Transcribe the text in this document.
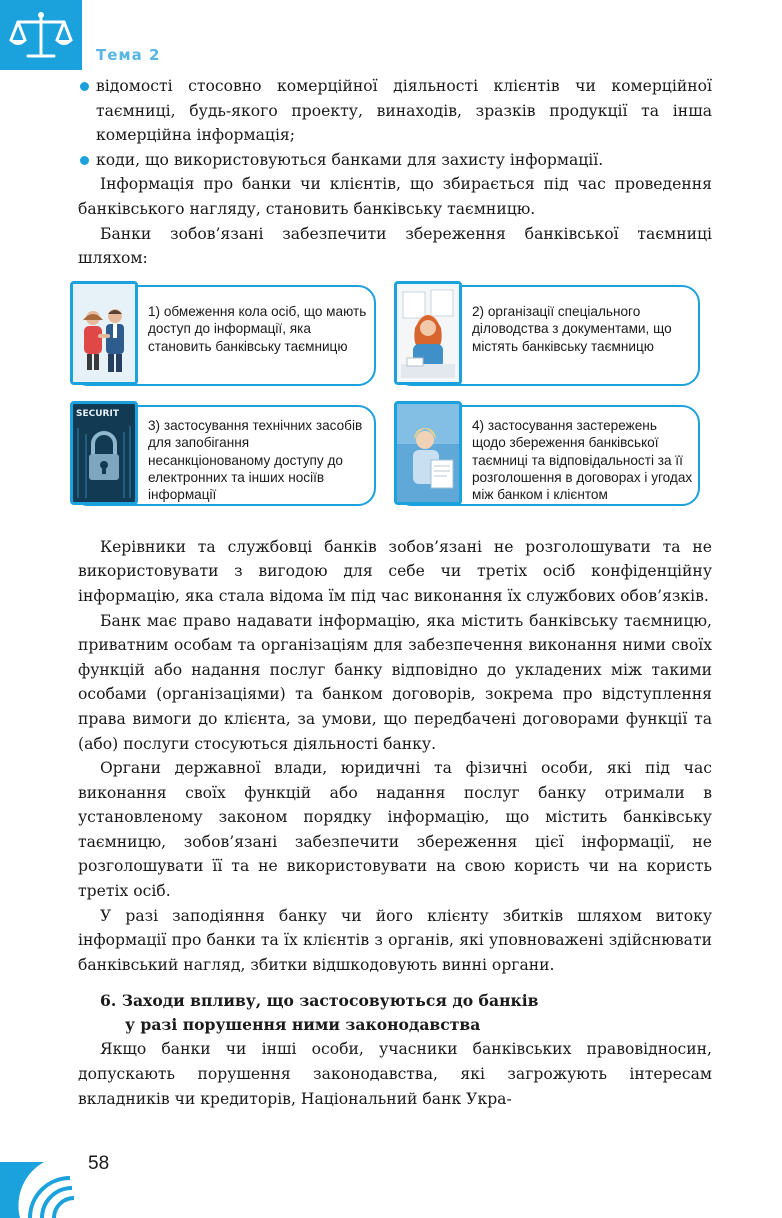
Тема 2
відомості стосовно комерційної діяльності клієнтів чи комерційної таємниці, будь-якого проекту, винаходів, зразків продукції та інша комерційна інформація;
коди, що використовуються банками для захисту інформації.

Інформація про банки чи клієнтів, що збирається під час проведення банківського нагляду, становить банківську таємницю.

Банки зобов’язані забезпечити збереження банківської таємниці шляхом:

1) обмеження кола осіб, що мають доступ до інформації, яка становить банківську таємницю
2) організації спеціального діловодства з документами, що містять банківську таємницю
SECURIT
3) застосування технічних засобів для запобігання несанкціонованому доступу до електронних та інших носіїв інформації
4) застосування застережень щодо збереження банківської таємниці та відповідальності за її розголошення в договорах і угодах між банком і клієнтом

Керівники та службовці банків зобов’язані не розголошувати та не використовувати з вигодою для себе чи третіх осіб конфіденційну інформацію, яка стала відома їм під час виконання їх службових обов’язків.

Банк має право надавати інформацію, яка містить банківську таємницю, приватним особам та організаціям для забезпечення виконання ними своїх функцій або надання послуг банку відповідно до укладених між такими особами (організаціями) та банком договорів, зокрема про відступлення права вимоги до клієнта, за умови, що передбачені договорами функції та (або) послуги стосуються діяльності банку.

Органи державної влади, юридичні та фізичні особи, які під час виконання своїх функцій або надання послуг банку отримали в установленому законом порядку інформацію, що містить банківську таємницю, зобов’язані забезпечити збереження цієї інформації, не розголошувати її та не використовувати на свою користь чи на користь третіх осіб.

У разі заподіяння банку чи його клієнту збитків шляхом витоку інформації про банки та їх клієнтів з органів, які уповноважені здійснювати банківський нагляд, збитки відшкодовують винні органи.

6. Заходи впливу, що застосовуються до банків
у разі порушення ними законодавства

Якщо банки чи інші особи, учасники банківських правовідносин, допускають порушення законодавства, які загрожують інтересам вкладників чи кредиторів, Національний банк Укра-

58
